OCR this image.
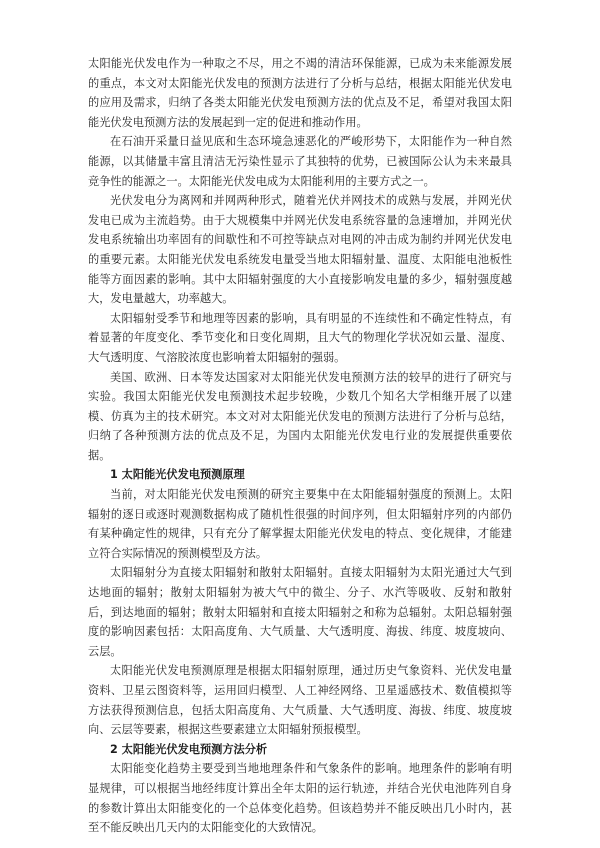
太阳能光伏发电作为一种取之不尽，用之不竭的清洁环保能源，已成为未来能源发展的重点，本文对太阳能光伏发电的预测方法进行了分析与总结，根据太阳能光伏发电的应用及需求，归纳了各类太阳能光伏发电预测方法的优点及不足，希望对我国太阳能光伏发电预测方法的发展起到一定的促进和推动作用。

在石油开采量日益见底和生态环境急速恶化的严峻形势下，太阳能作为一种自然能源，以其储量丰富且清洁无污染性显示了其独特的优势，已被国际公认为未来最具竞争性的能源之一。太阳能光伏发电成为太阳能利用的主要方式之一。

光伏发电分为离网和并网两种形式，随着光伏并网技术的成熟与发展，并网光伏发电已成为主流趋势。由于大规模集中并网光伏发电系统容量的急速增加，并网光伏发电系统输出功率固有的间歇性和不可控等缺点对电网的冲击成为制约并网光伏发电的重要元素。太阳能光伏发电系统发电量受当地太阳辐射量、温度、太阳能电池板性能等方面因素的影响。其中太阳辐射强度的大小直接影响发电量的多少，辐射强度越大，发电量越大，功率越大。

太阳辐射受季节和地理等因素的影响，具有明显的不连续性和不确定性特点，有着显著的年度变化、季节变化和日变化周期，且大气的物理化学状况如云量、湿度、大气透明度、气溶胶浓度也影响着太阳辐射的强弱。

美国、欧洲、日本等发达国家对太阳能光伏发电预测方法的较早的进行了研究与实验。我国太阳能光伏发电预测技术起步较晚，少数几个知名大学相继开展了以建模、仿真为主的技术研究。本文对对太阳能光伏发电的预测方法进行了分析与总结，归纳了各种预测方法的优点及不足，为国内太阳能光伏发电行业的发展提供重要依据。

1 太阳能光伏发电预测原理

当前，对太阳能光伏发电预测的研究主要集中在太阳能辐射强度的预测上。太阳辐射的逐日或逐时观测数据构成了随机性很强的时间序列，但太阳辐射序列的内部仍有某种确定性的规律，只有充分了解掌握太阳能光伏发电的特点、变化规律，才能建立符合实际情况的预测模型及方法。

太阳辐射分为直接太阳辐射和散射太阳辐射。直接太阳辐射为太阳光通过大气到达地面的辐射；散射太阳辐射为被大气中的微尘、分子、水汽等吸收、反射和散射后，到达地面的辐射；散射太阳辐射和直接太阳辐射之和称为总辐射。太阳总辐射强度的影响因素包括：太阳高度角、大气质量、大气透明度、海拔、纬度、坡度坡向、云层。

太阳能光伏发电预测原理是根据太阳辐射原理，通过历史气象资料、光伏发电量资料、卫星云图资料等，运用回归模型、人工神经网络、卫星遥感技术、数值模拟等方法获得预测信息，包括太阳高度角、大气质量、大气透明度、海拔、纬度、坡度坡向、云层等要素，根据这些要素建立太阳辐射预报模型。

2 太阳能光伏发电预测方法分析

太阳能变化趋势主要受到当地地理条件和气象条件的影响。地理条件的影响有明显规律，可以根据当地经纬度计算出全年太阳的运行轨迹，并结合光伏电池阵列自身的参数计算出太阳能变化的一个总体变化趋势。但该趋势并不能反映出几小时内，甚至不能反映出几天内的太阳能变化的大致情况。
